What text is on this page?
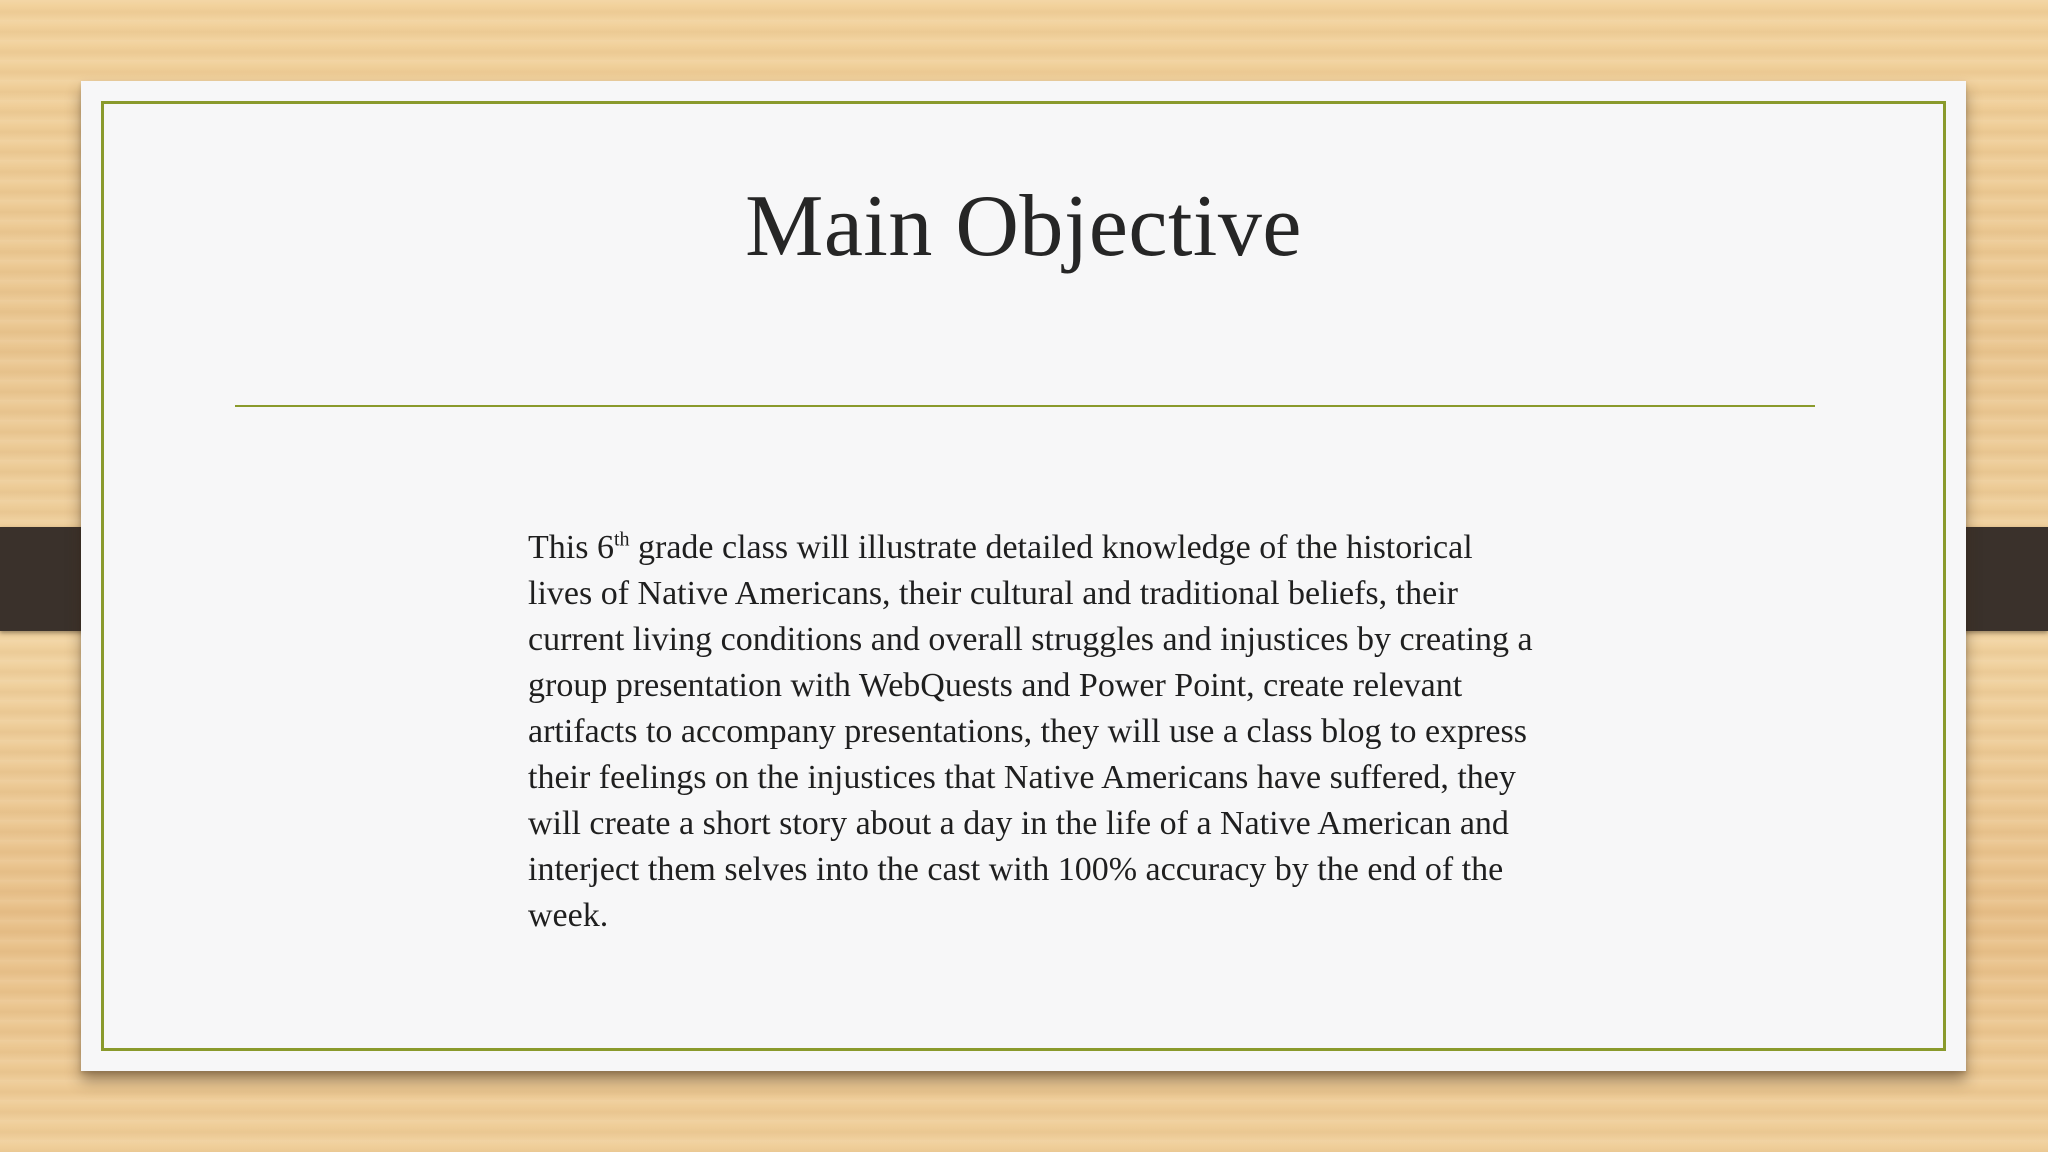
Main Objective

This 6th grade class will illustrate detailed knowledge of the historical lives of Native Americans, their cultural and traditional beliefs, their current living conditions and overall struggles and injustices by creating a group presentation with WebQuests and Power Point, create relevant artifacts to accompany presentations, they will use a class blog to express their feelings on the injustices that Native Americans have suffered, they will create a short story about a day in the life of a Native American and interject them selves into the cast with 100% accuracy by the end of the week.
